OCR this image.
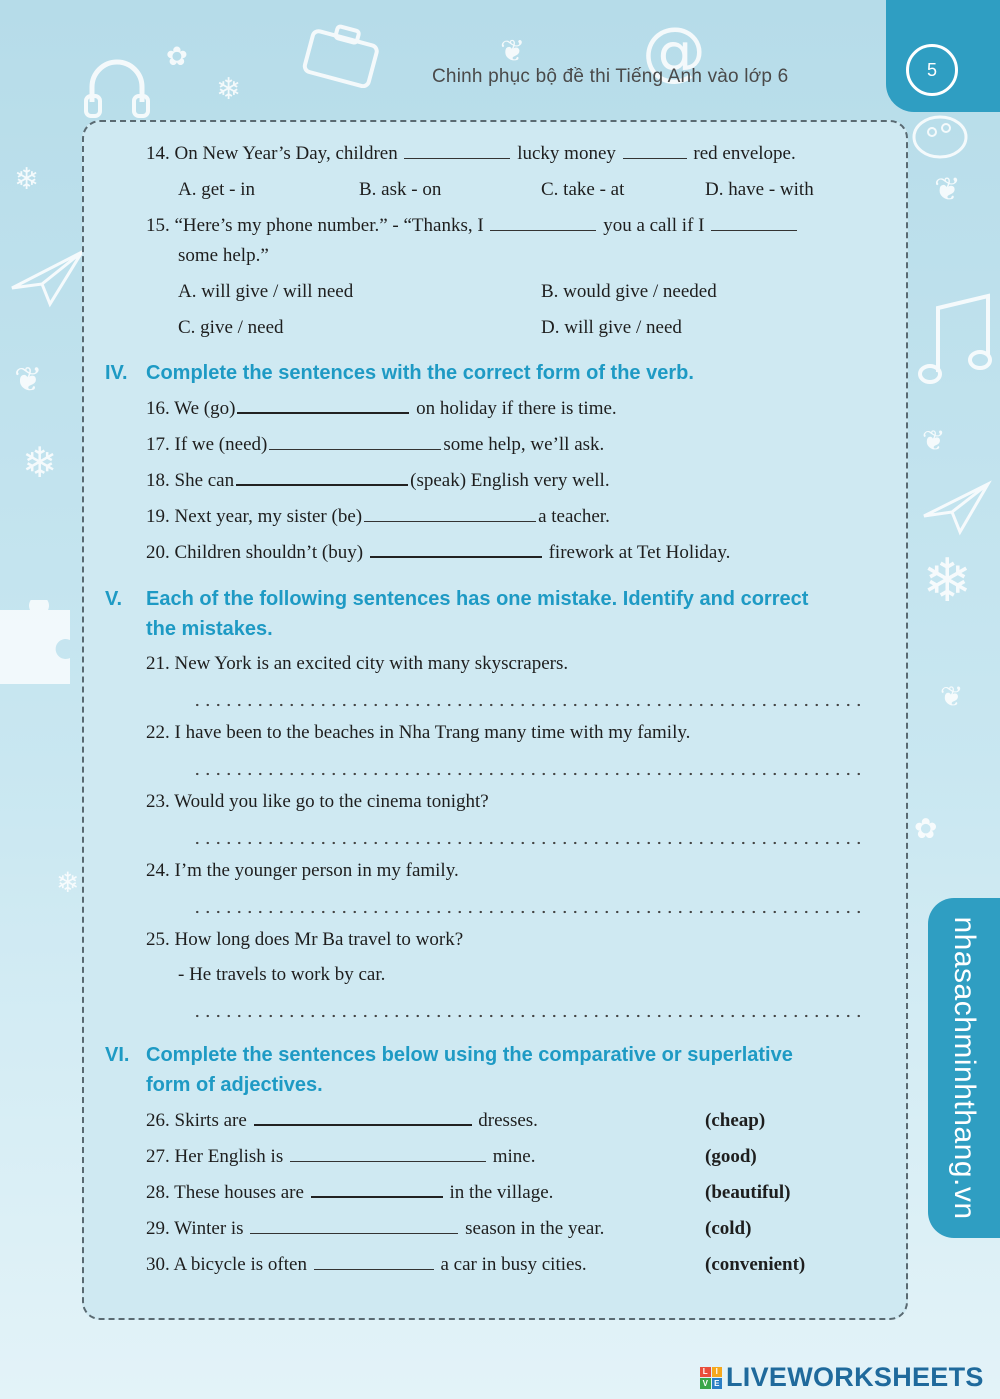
@
❄
❄
✿	❦
❦
❄
❄
❦
❦
❄
❦
✿
Chinh phục bộ đề thi Tiếng Anh vào lớp 6	5
nhasachminhthang.vn
14. On New Year’s Day, children	lucky money	red envelope.
A. get - in	B. ask - on	C. take - at	D. have - with
15. “Here’s my phone number.” - “Thanks, I	you a call if I
some help.”
A. will give / will need	B. would give / needed
C. give / need	D. will give / need
IV. Complete the sentences with the correct form of the verb.
16. We (go)	on holiday if there is time.
17. If we (need)	some help, we’ll ask.
18. She can	(speak) English very well.
19. Next year, my sister (be)	a teacher.
20. Children shouldn’t (buy)	firework at Tet Holiday.
V. Each of the following sentences has one mistake. Identify and correct
the mistakes.
21. New York is an excited city with many skyscrapers.
22. I have been to the beaches in Nha Trang many time with my family.
23. Would you like go to the cinema tonight?
24. I’m the younger person in my family.
25. How long does Mr Ba travel to work?
- He travels to work by car.
VI. Complete the sentences below using the comparative or superlative
form of adjectives.
26. Skirts are	dresses.	(cheap)
27. Her English is	mine.	(good)
28. These houses are	in the village.	(beautiful)
29. Winter is	season in the year.	(cold)
30. A bicycle is often	a car in busy cities.	(convenient)
L I
V E LIVEWORKSHEETS
